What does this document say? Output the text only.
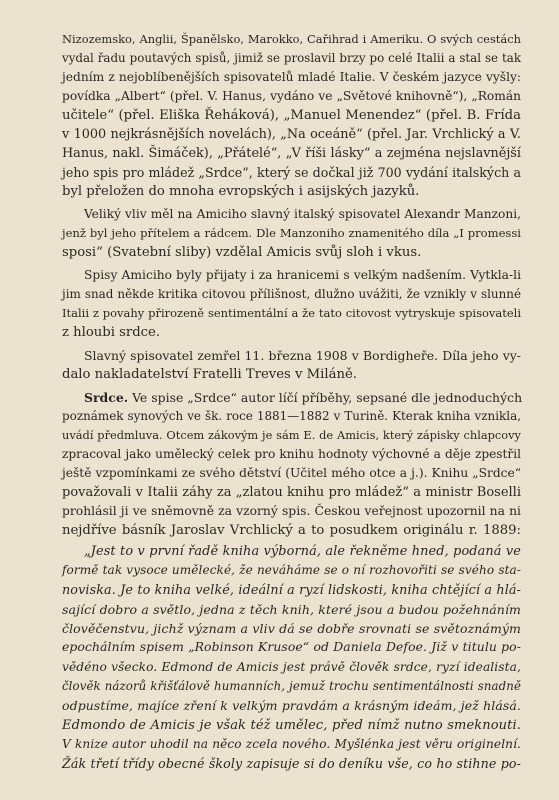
Nizozemsko, Anglii, Španělsko, Marokko, Cařihrad i Ameriku. O svých cestách
vydal řadu poutavých spisů, jimiž se proslavil brzy po celé Italii a stal se tak
jedním z nejoblíbenějších spisovatelů mladé Italie. V českém jazyce vyšly:
povídka „Albert“ (přel. V. Hanus, vydáno ve „Světové knihovně“), „Román
učitele“ (přel. Eliška Řeháková), „Manuel Menendez“ (přel. B. Frída
v 1000 nejkrásnějších novelách), „Na oceáně“ (přel. Jar. Vrchlický a V.
Hanus, nakl. Šimáček), „Přátelé“, „V říši lásky“ a zejména nejslavnější
jeho spis pro mládež „Srdce“, který se dočkal již 700 vydání italských a
byl přeložen do mnoha evropských i asijských jazyků.
Veliký vliv měl na Amiciho slavný italský spisovatel Alexandr Manzoni,
jenž byl jeho přítelem a rádcem. Dle Manzoniho znamenitého díla „I promessi
sposi“ (Svatební sliby) vzdělal Amicis svůj sloh i vkus.
Spisy Amiciho byly přijaty i za hranicemi s velkým nadšením. Vytkla-li
jim snad někde kritika citovou přílišnost, dlužno uvážiti, že vznikly v slunné
Italii z povahy přirozeně sentimentální a že tato citovost vytryskuje spisovateli
z hloubi srdce.
Slavný spisovatel zemřel 11. března 1908 v Bordigheře. Díla jeho vy-
dalo nakladatelství Fratelli Treves v Miláně.
Srdce. Ve spise „Srdce“ autor líčí příběhy, sepsané dle jednoduchých
poznámek synových ve šk. roce 1881—1882 v Turině. Kterak kniha vznikla,
uvádí předmluva. Otcem zákovým je sám E. de Amicis, který zápisky chlapcovy
zpracoval jako umělecký celek pro knihu hodnoty výchovné a děje zpestřil
ještě vzpomínkami ze svého dětství (Učitel mého otce a j.). Knihu „Srdce“
považovali v Italii záhy za „zlatou knihu pro mládež“ a ministr Boselli
prohlásil ji ve sněmovně za vzorný spis. Českou veřejnost upozornil na ni
nejdříve básník Jaroslav Vrchlický a to posudkem originálu r. 1889:
„Jest to v první řadě kniha výborná, ale řekněme hned, podaná ve
formě tak vysoce umělecké, že neváháme se o ní rozhovořiti se svého sta-
noviska. Je to kniha velké, ideální a ryzí lidskosti, kniha chtějící a hlá-
sající dobro a světlo, jedna z těch knih, které jsou a budou požehnáním
člověčenstvu, jichž význam a vliv dá se dobře srovnati se světoznámým
epochálním spisem „Robinson Krusoe“ od Daniela Defoe. Již v titulu po-
vědéno všecko. Edmond de Amicis jest právě člověk srdce, ryzí idealista,
člověk názorů křišťálově humanních, jemuž trochu sentimentálnosti snadně
odpustíme, majíce zření k velkým pravdám a krásným ideám, jež hlásá.
Edmondo de Amicis je však též umělec, před nímž nutno smeknouti.
V knize autor uhodil na něco zcela nového. Myšlénka jest věru originelní.
Žák třetí třídy obecné školy zapisuje si do deníku vše, co ho stihne po-
